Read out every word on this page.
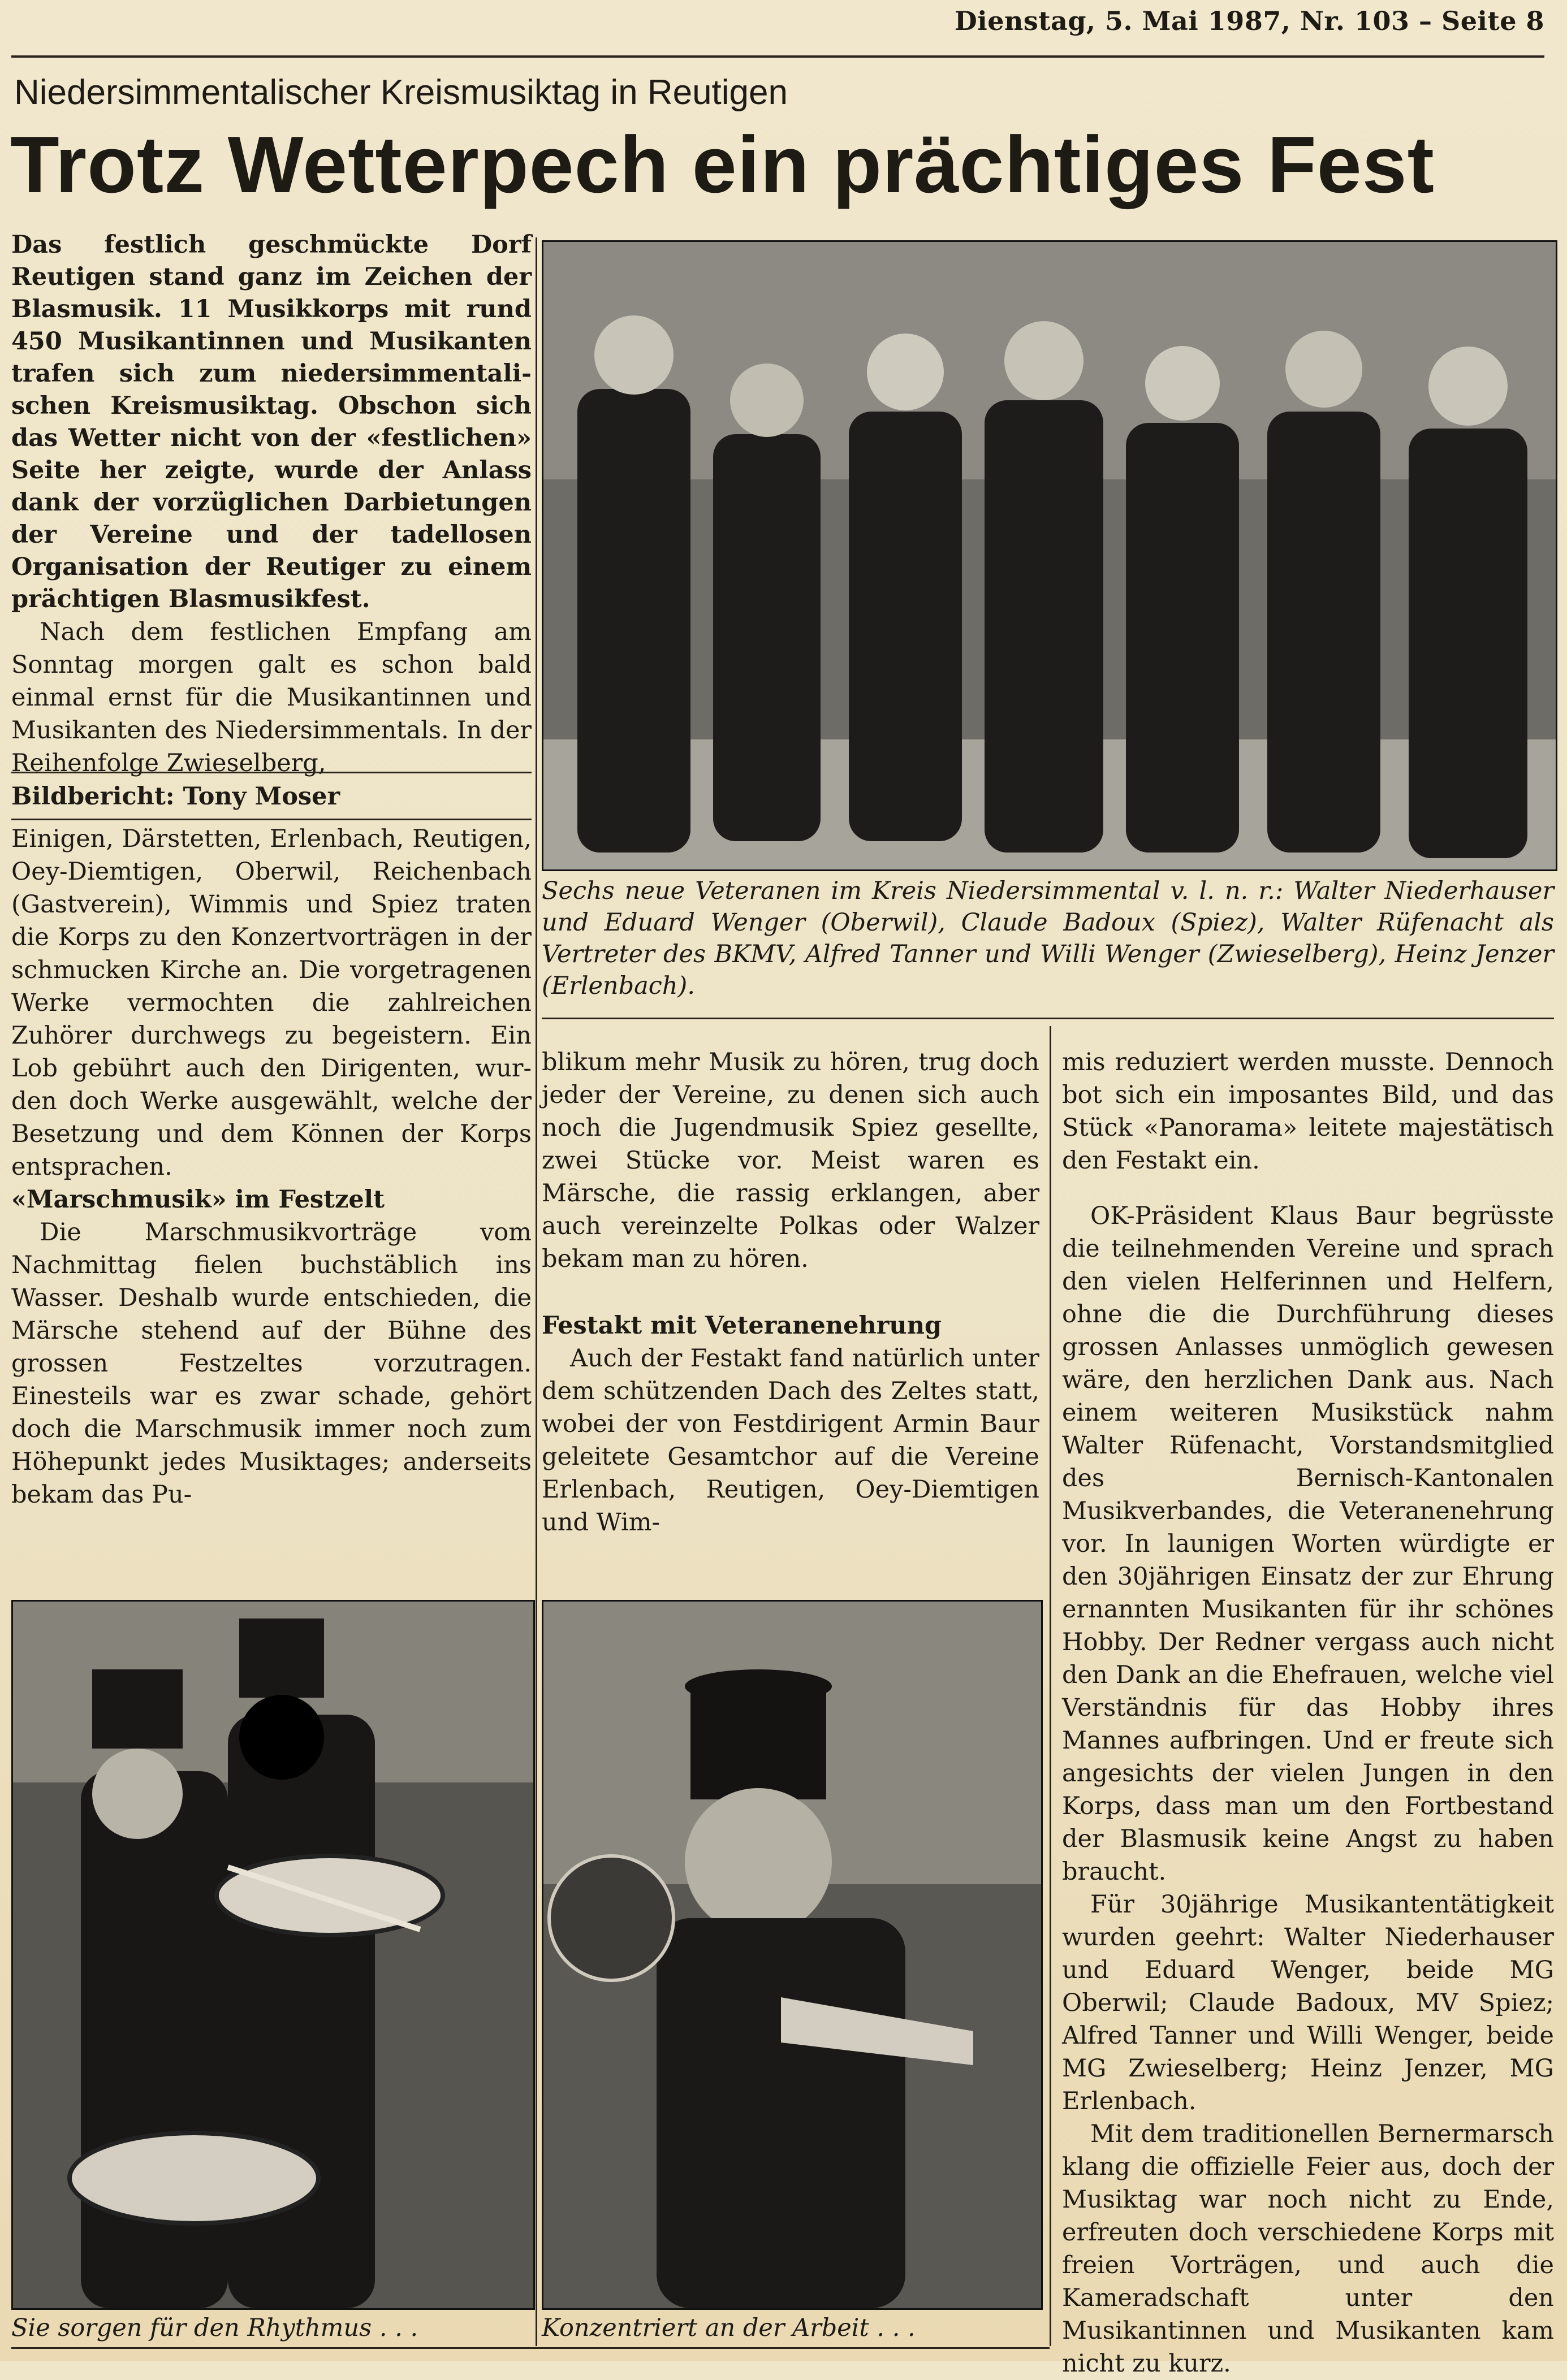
Dienstag, 5. Mai 1987, Nr. 103 – Seite 8
Niedersimmentalischer Kreismusiktag in Reutigen
Trotz Wetterpech ein prächtiges Fest

Das festlich geschmückte Dorf Reutigen stand ganz im Zeichen der Blasmusik. 11 Musikkorps mit rund 450 Musikantinnen und Musikanten trafen sich zum niedersimmentalischen Kreismusiktag. Obschon sich das Wetter nicht von der «festlichen» Seite her zeigte, wurde der Anlass dank der vorzüglichen Darbietungen der Vereine und der tadellosen Organisation der Reutiger zu einem prächtigen Blasmusikfest.

Nach dem festlichen Empfang am Sonntag morgen galt es schon bald einmal ernst für die Musikantinnen und Musikanten des Niedersimmentals. In der Reihenfolge Zwieselberg,

Bildbericht: Tony Moser

Einigen, Därstetten, Erlenbach, Reutigen, Oey-Diemtigen, Oberwil, Reichenbach (Gastverein), Wimmis und Spiez traten die Korps zu den Konzertvorträgen in der schmucken Kirche an. Die vorgetragenen Werke vermochten die zahlreichen Zuhörer durchwegs zu begeistern. Ein Lob gebührt auch den Dirigenten, wurden doch Werke ausgewählt, welche der Besetzung und dem Können der Korps entsprachen.

«Marschmusik» im Festzelt

Die Marschmusikvorträge vom Nachmittag fielen buchstäblich ins Wasser. Deshalb wurde entschieden, die Märsche stehend auf der Bühne des grossen Festzeltes vorzutragen. Einesteils war es zwar schade, gehört doch die Marschmusik immer noch zum Höhepunkt jedes Musiktages; anderseits bekam das Pu-

Sechs neue Veteranen im Kreis Niedersimmental v. l. n. r.: Walter Niederhauser und Eduard Wenger (Oberwil), Claude Badoux (Spiez), Walter Rüfenacht als Vertreter des BKMV, Alfred Tanner und Willi Wenger (Zwieselberg), Heinz Jenzer (Erlenbach).

blikum mehr Musik zu hören, trug doch jeder der Vereine, zu denen sich auch noch die Jugendmusik Spiez gesellte, zwei Stücke vor. Meist waren es Märsche, die rassig erklangen, aber auch vereinzelte Polkas oder Walzer bekam man zu hören.

Festakt mit Veteranenehrung

Auch der Festakt fand natürlich unter dem schützenden Dach des Zeltes statt, wobei der von Festdirigent Armin Baur geleitete Gesamtchor auf die Vereine Erlenbach, Reutigen, Oey-Diemtigen und Wim-

mis reduziert werden musste. Dennoch bot sich ein imposantes Bild, und das Stück «Panorama» leitete majestätisch den Festakt ein.

OK-Präsident Klaus Baur begrüsste die teilnehmenden Vereine und sprach den vielen Helferinnen und Helfern, ohne die die Durchführung dieses grossen Anlasses unmöglich gewesen wäre, den herzlichen Dank aus. Nach einem weiteren Musikstück nahm Walter Rüfenacht, Vorstandsmitglied des Bernisch-Kantonalen Musikverbandes, die Veteranenehrung vor. In launigen Worten würdigte er den 30jährigen Einsatz der zur Ehrung ernannten Musikanten für ihr schönes Hobby. Der Redner vergass auch nicht den Dank an die Ehefrauen, welche viel Verständnis für das Hobby ihres Mannes aufbringen. Und er freute sich angesichts der vielen Jungen in den Korps, dass man um den Fortbestand der Blasmusik keine Angst zu haben braucht.

Für 30jährige Musikantentätigkeit wurden geehrt: Walter Niederhauser und Eduard Wenger, beide MG Oberwil; Claude Badoux, MV Spiez; Alfred Tanner und Willi Wenger, beide MG Zwieselberg; Heinz Jenzer, MG Erlenbach.

Mit dem traditionellen Bernermarsch klang die offizielle Feier aus, doch der Musiktag war noch nicht zu Ende, erfreuten doch verschiedene Korps mit freien Vorträgen, und auch die Kameradschaft unter den Musikantinnen und Musikanten kam nicht zu kurz.

Sie sorgen für den Rhythmus . . .	Konzentriert an der Arbeit . . .
